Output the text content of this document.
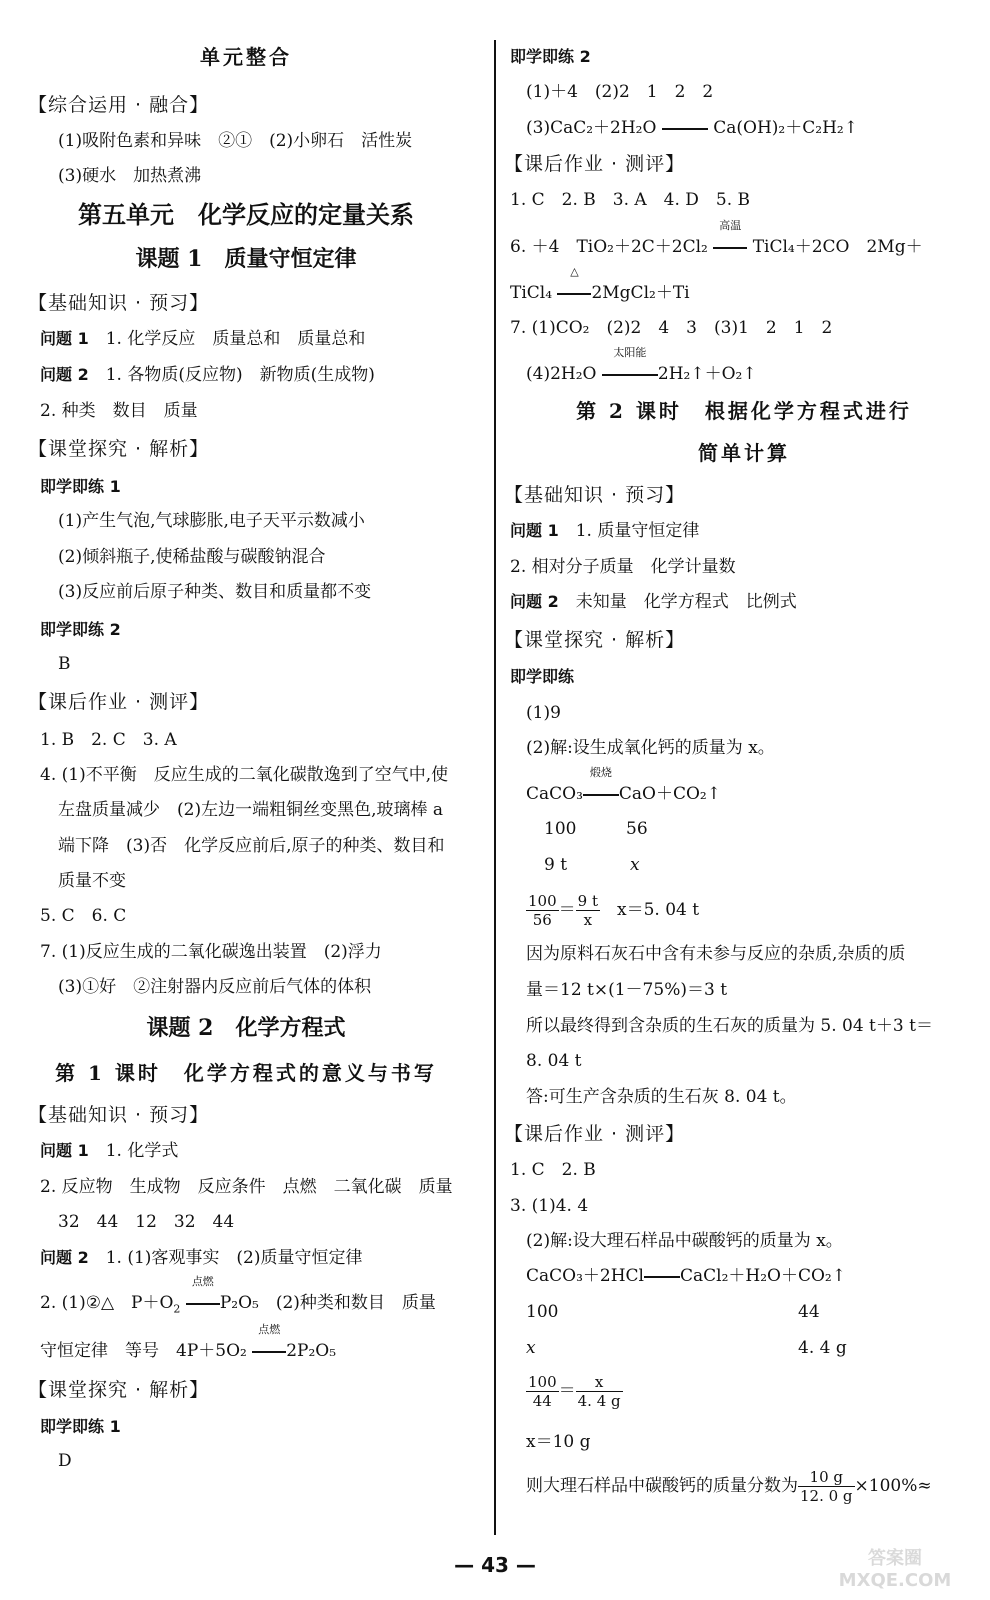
单元整合
【综合运用 · 融合】
(1)吸附色素和异味　②①　(2)小卵石　活性炭
(3)硬水　加热煮沸
第五单元　化学反应的定量关系
课题 1　质量守恒定律
【基础知识 · 预习】
问题 1　 1. 化学反应　质量总和　质量总和
问题 2　 1. 各物质(反应物)　新物质(生成物)
2. 种类　数目　质量
【课堂探究 · 解析】
即学即练 1
(1)产生气泡,气球膨胀,电子天平示数减小
(2)倾斜瓶子,使稀盐酸与碳酸钠混合
(3)反应前后原子种类、数目和质量都不变
即学即练 2
B
【课后作业 · 测评】
1. B　2. C　3. A
4. (1)不平衡　反应生成的二氧化碳散逸到了空气中,使
左盘质量减少　(2)左边一端粗铜丝变黑色,玻璃棒 a
端下降　(3)否　化学反应前后,原子的种类、数目和
质量不变
5. C　6. C
7. (1)反应生成的二氧化碳逸出装置　(2)浮力
(3)①好　②注射器内反应前后气体的体积
课题 2　化学方程式
第 1 课时　化学方程式的意义与书写
【基础知识 · 预习】
问题 1　 1. 化学式
2. 反应物　生成物　反应条件　点燃　二氧化碳　质量
32　44　12　32　44
问题 2　 1. (1)客观事实　(2)质量守恒定律
2. (1)②△　$P+O_2$
点燃
P₂O₅　(2)种类和数目　质量
守恒定律　等号　4P＋5O₂
点燃
2P₂O₅
【课堂探究 · 解析】
即学即练 1
D
即学即练 2
(1)＋4　(2)2　1　2　2
(3)CaC₂＋2H₂O	Ca(OH)₂＋C₂H₂↑
【课后作业 · 测评】
1. C　2. B　3. A　4. D　5. B
6. ＋4　TiO₂＋2C＋2Cl₂
高温
TiCl₄＋2CO　2Mg＋
TiCl₄
△
2MgCl₂＋Ti
7. (1)CO₂　(2)2　4　3　(3)1　2　1　2
(4)2H₂O
太阳能
2H₂↑＋O₂↑
第 2 课时　根据化学方程式进行
简单计算
【基础知识 · 预习】
问题 1　 1. 质量守恒定律
2. 相对分子质量　化学计量数
问题 2　 未知量　化学方程式　比例式
【课堂探究 · 解析】
即学即练
(1)9
(2)解:设生成氧化钙的质量为 x。
CaCO₃
煅烧
CaO＋CO₂↑
100	56
9 t	x
$\frac{100}{56} = \frac{9 t}{x}$
　 x＝5. 04 t
因为原料石灰石中含有未参与反应的杂质,杂质的质
量＝12 t×(1－75%)＝3 t
所以最终得到含杂质的生石灰的质量为 5. 04 t＋3 t＝
8. 04 t
答:可生产含杂质的生石灰 8. 04 t。
【课后作业 · 测评】
1. C　2. B
3. (1)4. 4
(2)解:设大理石样品中碳酸钙的质量为 x。
CaCO₃＋2HCl CaCl₂＋H₂O＋CO₂↑
100	44
x	4. 4 g
$\frac{100}{44} = \frac{x}{4. 4 g}$
x＝10 g
则大理石样品中碳酸钙的质量分数为 $\frac{10 g}{12. 0 g} \times 100\%\approx$
— 43 —	答案圈
MXQE.COM
